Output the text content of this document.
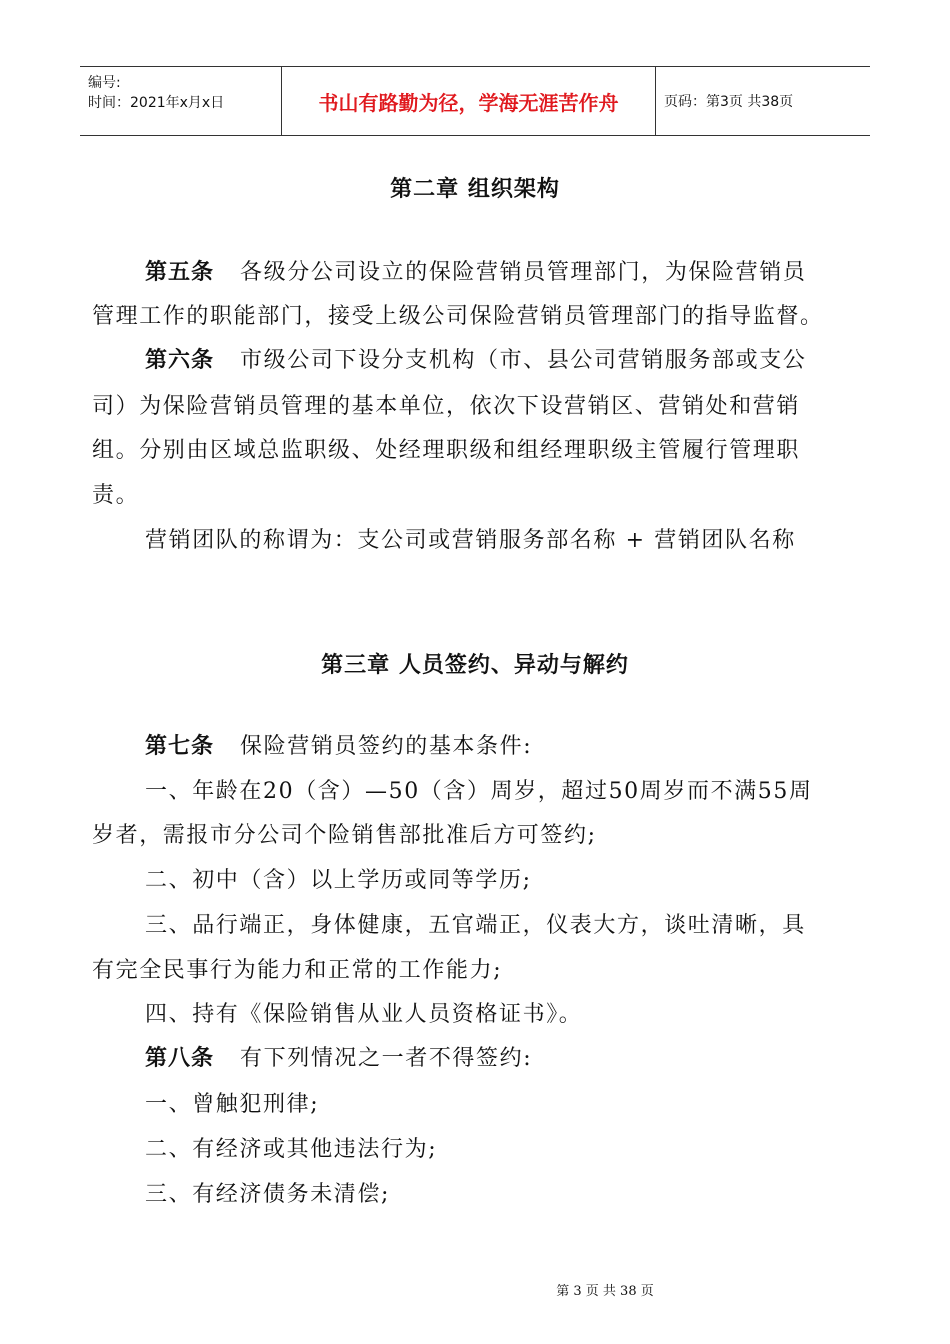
编号:
时间：2021年x月x日	书山有路勤为径，学海无涯苦作舟	页码：第3页 共38页
第二章 组织架构
第五条 各级分公司设立的保险营销员管理部门，为保险营销员
管理工作的职能部门，接受上级公司保险营销员管理部门的指导监督。
第六条 市级公司下设分支机构（市、县公司营销服务部或支公
司）为保险营销员管理的基本单位，依次下设营销区、营销处和营销
组。分别由区域总监职级、处经理职级和组经理职级主管履行管理职
责。
营销团队的称谓为：支公司或营销服务部名称 + 营销团队名称
第三章 人员签约、异动与解约
第七条 保险营销员签约的基本条件:
一、年龄在20（含）—50（含）周岁，超过50周岁而不满55周
岁者，需报市分公司个险销售部批准后方可签约;
二、初中（含）以上学历或同等学历;
三、品行端正，身体健康，五官端正，仪表大方，谈吐清晰，具
有完全民事行为能力和正常的工作能力;
四、持有《保险销售从业人员资格证书》。
第八条 有下列情况之一者不得签约:
一、曾触犯刑律;
二、有经济或其他违法行为;
三、有经济债务未清偿;
第 3 页 共 38 页
